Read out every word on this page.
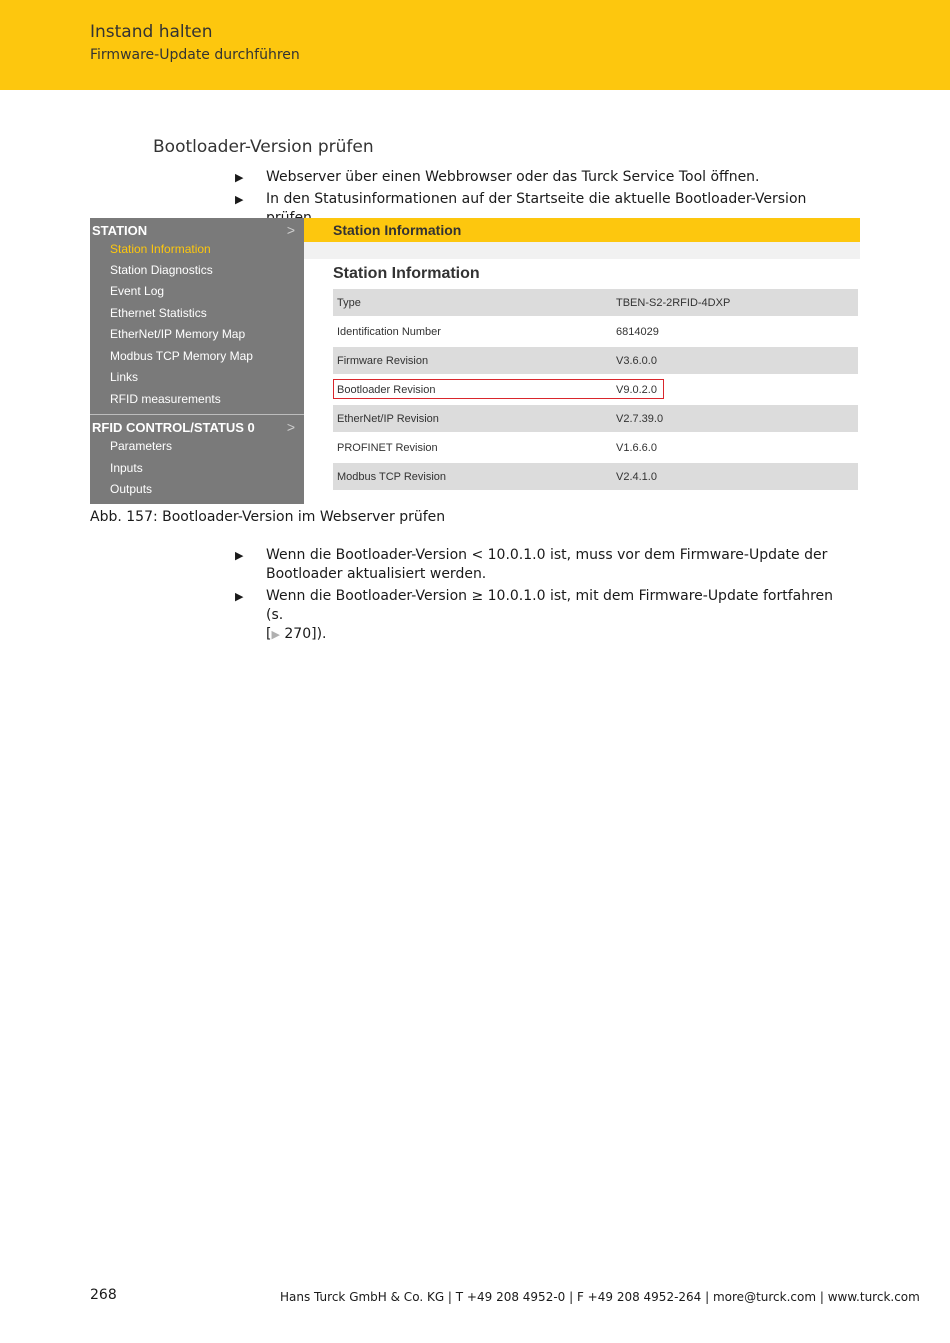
Instand halten
Firmware-Update durchführen
Bootloader-Version prüfen
▶ Webserver über einen Webbrowser oder das Turck Service Tool öffnen.
▶ In den Statusinformationen auf der Startseite die aktuelle Bootloader-Version
STATION	>
Station Information
Station Diagnostics
Event Log
Ethernet Statistics
EtherNet/IP Memory Map
Modbus TCP Memory Map
Links
RFID measurements
RFID CONTROL/STATUS 0 >
Parameters
Inputs
Outputs
Station Information
Station Information
Type	TBEN-S2-2RFID-4DXP
Identification Number	6814029
Firmware Revision	V3.6.0.0
Bootloader Revision	V9.0.2.0
EtherNet/IP Revision	V2.7.39.0
PROFINET Revision	V1.6.6.0
Modbus TCP Revision	V2.4.1.0
Abb. 157: Bootloader-Version im Webserver prüfen
▶ Wenn die Bootloader-Version < 10.0.1.0 ist, muss vor dem Firmware-Update der
Bootloader aktualisiert werden.
▶ Wenn die Bootloader-Version ≥ 10.0.1.0 ist, mit dem Firmware-Update fortfahren (s.
[▶ 270]).
268	Hans Turck GmbH & Co. KG | T +49 208 4952-0 | F +49 208 4952-264 | more@turck.com | www.turck.com
